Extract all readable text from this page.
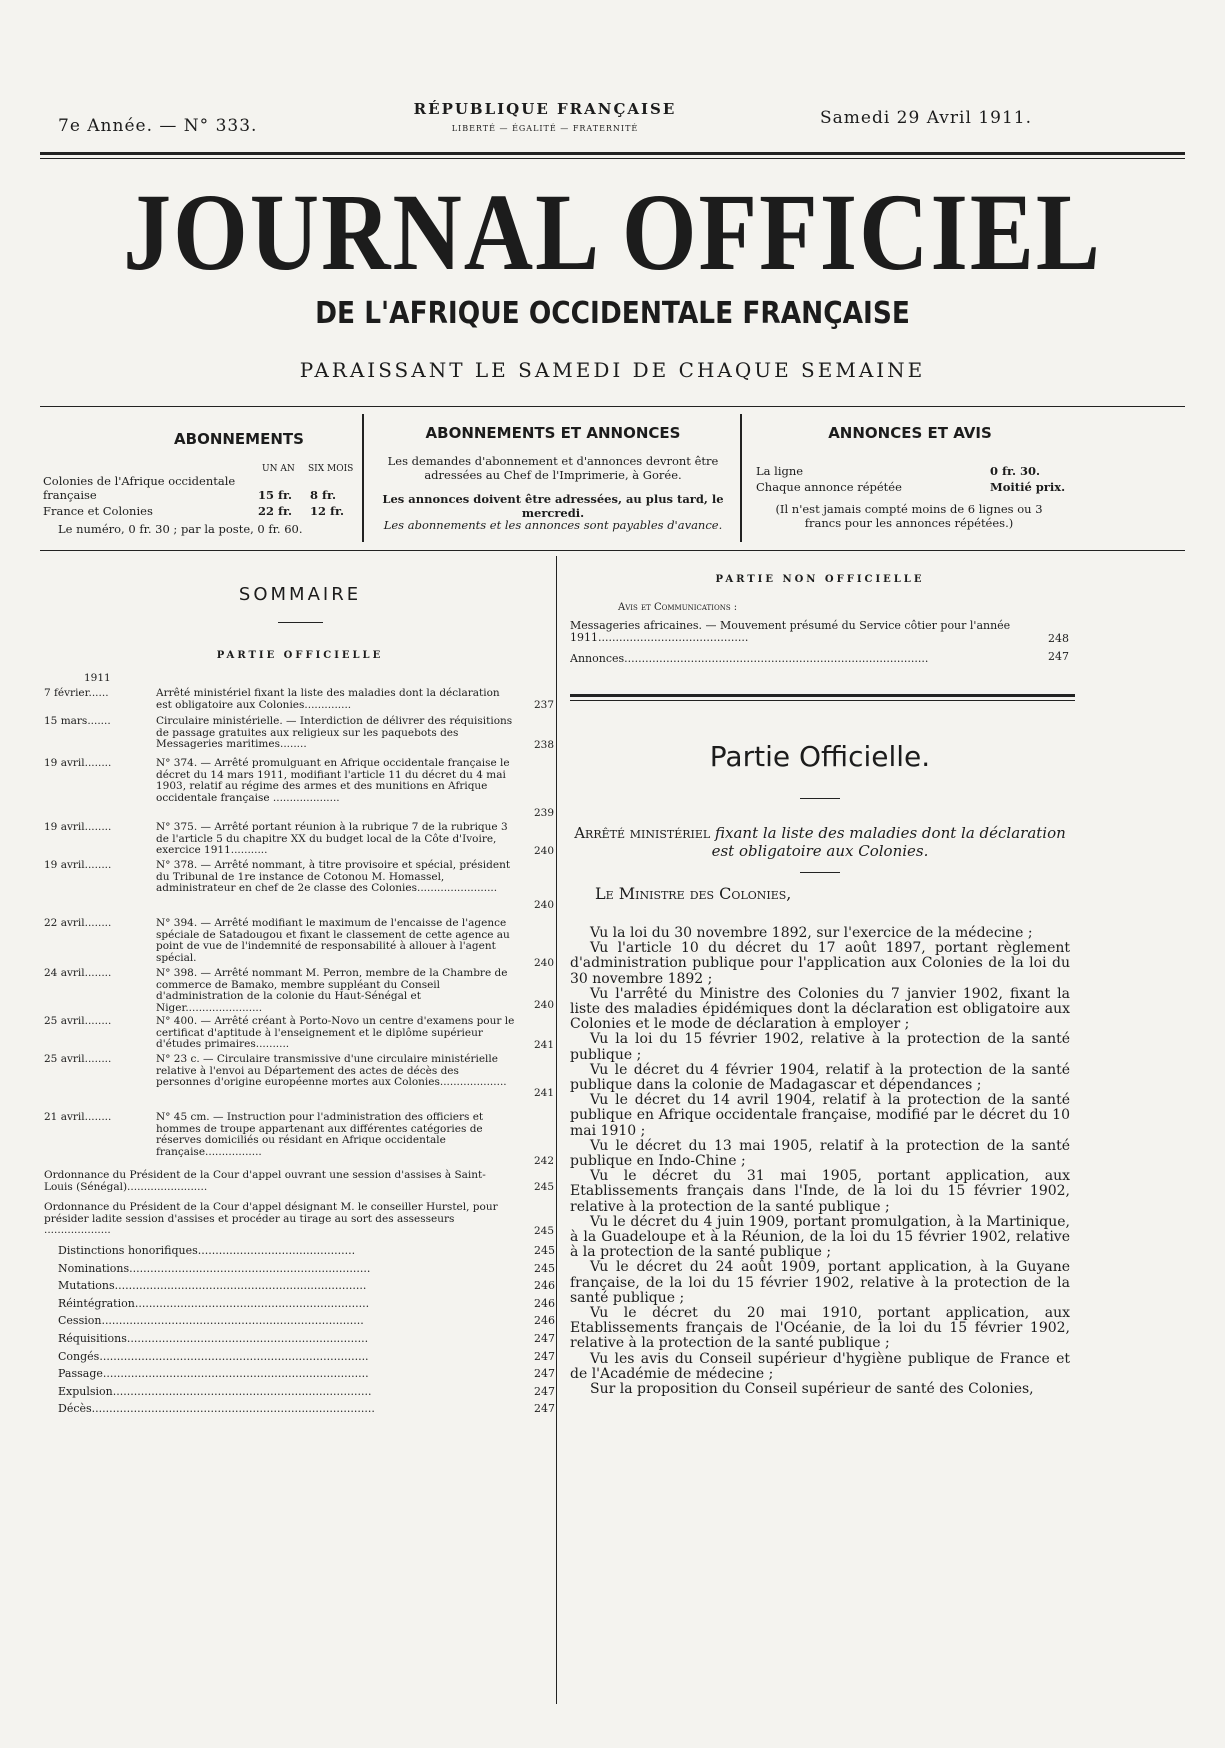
7e Année. — N° 333.
RÉPUBLIQUE FRANÇAISE
LIBERTÉ — ÉGALITÉ — FRATERNITÉ
Samedi 29 Avril 1911.
JOURNAL OFFICIEL
DE L'AFRIQUE OCCIDENTALE FRANÇAISE
PARAISSANT LE SAMEDI DE CHAQUE SEMAINE
ABONNEMENTS
UN AN SIX MOIS
Colonies de l'Afrique occidentale française	15 fr. 8 fr.
France et Colonies	22 fr. 12 fr.
Le numéro, 0 fr. 30 ; par la poste, 0 fr. 60.
ABONNEMENTS ET ANNONCES
Les demandes d'abonnement et d'annonces devront être adressées au Chef de l'Imprimerie, à Gorée.
Les annonces doivent être adressées, au plus tard, le mercredi.
Les abonnements et les annonces sont payables d'avance.
ANNONCES ET AVIS
La ligne	0 fr. 30.
Chaque annonce répétée	Moitié prix.
(Il n'est jamais compté moins de 6 lignes ou 3 francs pour les annonces répétées.)
SOMMAIRE
PARTIE OFFICIELLE
1911
7 février......	Arrêté ministériel fixant la liste des maladies dont la déclaration est obligatoire aux Colonies..............	237
15 mars.......	Circulaire ministérielle. — Interdiction de délivrer des réquisitions de passage gratuites aux religieux sur les paquebots des Messageries maritimes........	238
19 avril........	N° 374. — Arrêté promulguant en Afrique occidentale française le décret du 14 mars 1911, modifiant l'article 11 du décret du 4 mai 1903, relatif au régime des armes et des munitions en Afrique occidentale française ....................
239
19 avril........	N° 375. — Arrêté portant réunion à la rubrique 7 de la rubrique 3 de l'article 5 du chapitre XX du budget local de la Côte d'Ivoire, exercice 1911...........	240
19 avril........	N° 378. — Arrêté nommant, à titre provisoire et spécial, président du Tribunal de 1re instance de Cotonou M. Homassel, administrateur en chef de 2e classe des Colonies........................
240
22 avril........	N° 394. — Arrêté modifiant le maximum de l'encaisse de l'agence spéciale de Satadougou et fixant le classement de cette agence au point de vue de l'indemnité de responsabilité à allouer à l'agent spécial.	240
24 avril........	N° 398. — Arrêté nommant M. Perron, membre de la Chambre de commerce de Bamako, membre suppléant du Conseil d'administration de la colonie du Haut-Sénégal et Niger.......................	240
25 avril........	N° 400. — Arrêté créant à Porto-Novo un centre d'examens pour le certificat d'aptitude à l'enseignement et le diplôme supérieur d'études primaires..........	241
25 avril........	N° 23 c. — Circulaire transmissive d'une circulaire ministérielle relative à l'envoi au Département des actes de décès des personnes d'origine européenne mortes aux Colonies....................
241
21 avril........	N° 45 cm. — Instruction pour l'administration des officiers et hommes de troupe appartenant aux différentes catégories de réserves domiciliés ou résidant en Afrique occidentale française.................
242
Ordonnance du Président de la Cour d'appel ouvrant une session d'assises à Saint-Louis (Sénégal)........................	245
Ordonnance du Président de la Cour d'appel désignant M. le conseiller Hurstel, pour présider ladite session d'assises et procéder au tirage au sort des assesseurs ....................	245
Distinctions honorifiques.............................................	245
Nominations.....................................................................	245
Mutations........................................................................	246
Réintégration...................................................................	246
Cession...........................................................................	246
Réquisitions.....................................................................	247
Congés.............................................................................	247
Passage............................................................................	247
Expulsion..........................................................................	247
Décès.................................................................................	247
PARTIE NON OFFICIELLE
Avis et Communications :
Messageries africaines. — Mouvement présumé du Service côtier pour l'année 1911...........................................	248
Annonces.......................................................................................	247
Partie Officielle.
Arrêté ministériel fixant la liste des maladies dont la déclaration est obligatoire aux Colonies.
Le Ministre des Colonies,

Vu la loi du 30 novembre 1892, sur l'exercice de la médecine ;

Vu l'article 10 du décret du 17 août 1897, portant règlement d'administration publique pour l'application aux Colonies de la loi du 30 novembre 1892 ;

Vu l'arrêté du Ministre des Colonies du 7 janvier 1902, fixant la liste des maladies épidémiques dont la déclaration est obligatoire aux Colonies et le mode de déclaration à employer ;

Vu la loi du 15 février 1902, relative à la protection de la santé publique ;

Vu le décret du 4 février 1904, relatif à la protection de la santé publique dans la colonie de Madagascar et dépendances ;

Vu le décret du 14 avril 1904, relatif à la protection de la santé publique en Afrique occidentale française, modifié par le décret du 10 mai 1910 ;

Vu le décret du 13 mai 1905, relatif à la protection de la santé publique en Indo-Chine ;

Vu le décret du 31 mai 1905, portant application, aux Etablissements français dans l'Inde, de la loi du 15 février 1902, relative à la protection de la santé publique ;

Vu le décret du 4 juin 1909, portant promulgation, à la Martinique, à la Guadeloupe et à la Réunion, de la loi du 15 février 1902, relative à la protection de la santé publique ;

Vu le décret du 24 août 1909, portant application, à la Guyane française, de la loi du 15 février 1902, relative à la protection de la santé publique ;

Vu le décret du 20 mai 1910, portant application, aux Etablissements français de l'Océanie, de la loi du 15 février 1902, relative à la protection de la santé publique ;

Vu les avis du Conseil supérieur d'hygiène publique de France et de l'Académie de médecine ;

Sur la proposition du Conseil supérieur de santé des Colonies,
